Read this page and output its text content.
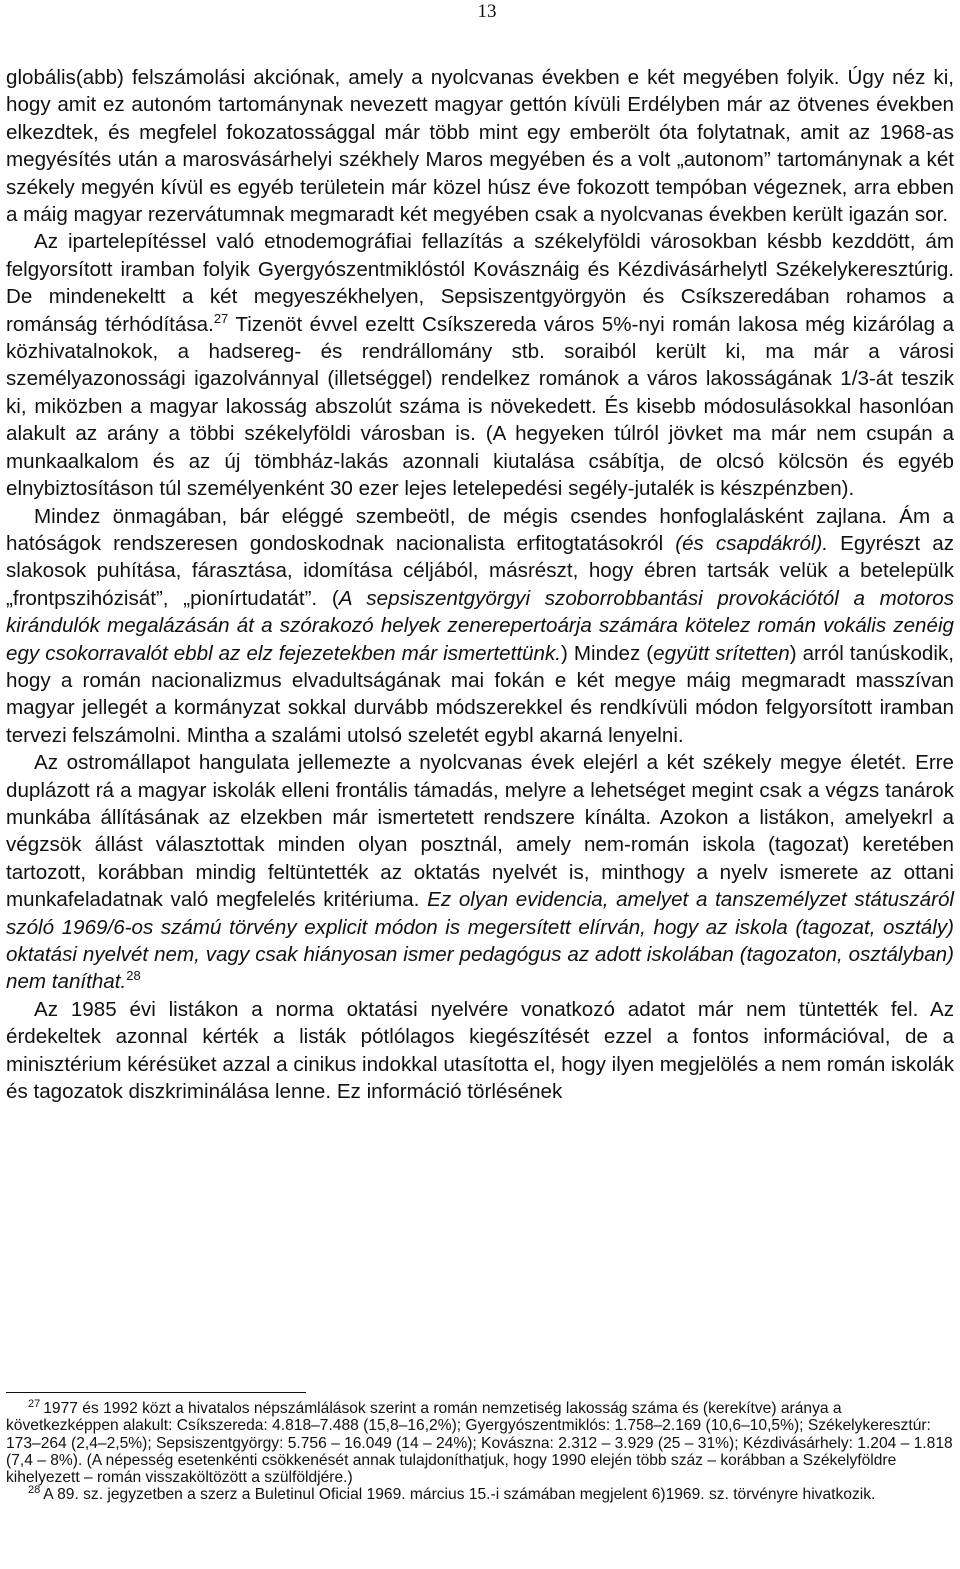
13

globális(abb) felszámolási akciónak, amely a nyolcvanas években e két megyében folyik. Úgy néz ki, hogy amit ez autonóm tartománynak nevezett magyar gettón kívüli Erdélyben már az ötvenes években elkezdtek, és megfelel fokozatossággal már több mint egy emberölt óta folytatnak, amit az 1968-as megyésítés után a marosvásárhelyi székhely Maros megyében és a volt „autonom” tartománynak a két székely megyén kívül es egyéb területein már közel húsz éve fokozott tempóban végeznek, arra ebben a máig magyar rezervátumnak megmaradt két megyében csak a nyolcvanas években került igazán sor.

Az ipartelepítéssel való etnodemográfiai fellazítás a székelyföldi városokban késbb kezddött, ám felgyorsított iramban folyik Gyergyószentmiklóstól Kovásznáig és Kézdivásárhelytl Székelykeresztúrig. De mindenekeltt a két megyeszékhelyen, Sepsiszentgyörgyön és Csíkszeredában rohamos a románság térhódítása.$^{27}$ Tizenöt évvel ezeltt Csíkszereda város 5%-nyi román lakosa még kizárólag a közhivatalnokok, a hadsereg- és rendrállomány stb. soraiból került ki, ma már a városi személyazonossági igazolvánnyal (illetséggel) rendelkez románok a város lakosságának 1/3-át teszik ki, miközben a magyar lakosság abszolút száma is növekedett. És kisebb módosulásokkal hasonlóan alakult az arány a többi székelyföldi városban is. (A hegyeken túlról jövket ma már nem csupán a munkaalkalom és az új tömbház-lakás azonnali kiutalása csábítja, de olcsó kölcsön és egyéb elnybiztosításon túl személyenként 30 ezer lejes letelepedési segély-jutalék is készpénzben).

Mindez önmagában, bár eléggé szembeötl, de mégis csendes honfoglalásként zajlana. Ám a hatóságok rendszeresen gondoskodnak nacionalista erfitogtatásokról (és csapdákról). Egyrészt az slakosok puhítása, fárasztása, idomítása céljából, másrészt, hogy ébren tartsák velük a betelepülk „frontpszihózisát”, „pionírtudatát”. (A sepsiszentgyörgyi szoborrobbantási provokációtól a motoros kirándulók megalázásán át a szórakozó helyek zenerepertoárja számára kötelez román vokális zenéig egy csokorravalót ebbl az elz fejezetekben már ismertettünk.) Mindez (együtt srítetten) arról tanúskodik, hogy a román nacionalizmus elvadultságának mai fokán e két megye máig megmaradt masszívan magyar jellegét a kormányzat sokkal durvább módszerekkel és rendkívüli módon felgyorsított iramban tervezi felszámolni. Mintha a szalámi utolsó szeletét egybl akarná lenyelni.

Az ostromállapot hangulata jellemezte a nyolcvanas évek elejérl a két székely megye életét. Erre duplázott rá a magyar iskolák elleni frontális támadás, melyre a lehetséget megint csak a végzs tanárok munkába állításának az elzekben már ismertetett rendszere kínálta. Azokon a listákon, amelyekrl a végzsök állást választottak minden olyan posztnál, amely nem-román iskola (tagozat) keretében tartozott, korábban mindig feltüntették az oktatás nyelvét is, minthogy a nyelv ismerete az ottani munkafeladatnak való megfelelés kritériuma. Ez olyan evidencia, amelyet a tanszemélyzet státuszáról szóló 1969/6-os számú törvény explicit módon is megersített elírván, hogy az iskola (tagozat, osztály) oktatási nyelvét nem, vagy csak hiányosan ismer pedagógus az adott iskolában (tagozaton, osztályban) nem taníthat.$^{28}$

Az 1985 évi listákon a norma oktatási nyelvére vonatkozó adatot már nem tüntették fel. Az érdekeltek azonnal kérték a listák pótlólagos kiegészítését ezzel a fontos információval, de a minisztérium kérésüket azzal a cinikus indokkal utasította el, hogy ilyen megjelölés a nem román iskolák és tagozatok diszkriminálása lenne. Ez információ törlésének

$^{27}$ 1977 és 1992 közt a hivatalos népszámlálások szerint a román nemzetiség lakosság száma és (kerekítve) aránya a következképpen alakult: Csíkszereda: 4.818–7.488 (15,8–16,2%); Gyergyószentmiklós: 1.758–2.169 (10,6–10,5%); Székelykeresztúr: 173–264 (2,4–2,5%); Sepsiszentgyörgy: 5.756 – 16.049 (14 – 24%); Kovászna: 2.312 – 3.929 (25 – 31%); Kézdivásárhely: 1.204 – 1.818 (7,4 – 8%). (A népesség esetenkénti csökkenését annak tulajdoníthatjuk, hogy 1990 elején több száz – korábban a Székelyföldre kihelyezett – román visszaköltözött a szülföldjére.)

$^{28}$ A 89. sz. jegyzetben a szerz a Buletinul Oficial 1969. március 15.-i számában megjelent 6)1969. sz. törvényre hivatkozik.
